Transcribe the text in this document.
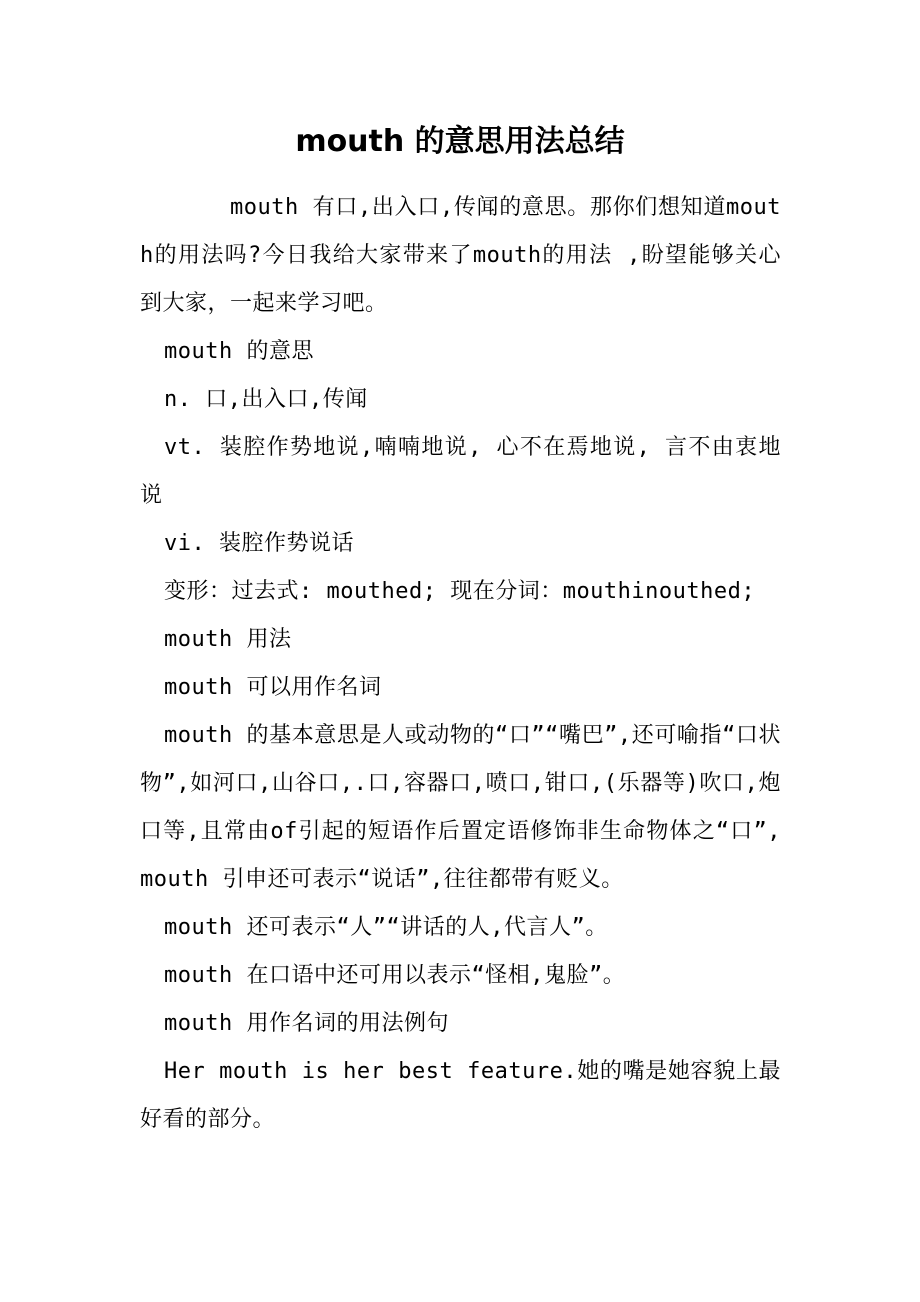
mouth 的意思用法总结

mouth 有口,出入口,传闻的意思。那你们想知道mouth的用法吗?今日我给大家带来了mouth的用法 ,盼望能够关心到大家，一起来学习吧。

mouth 的意思

n. 口,出入口,传闻

vt. 装腔作势地说,喃喃地说, 心不在焉地说, 言不由衷地说

vi. 装腔作势说话

变形：过去式: mouthed; 现在分词：mouthinouthed;

mouth 用法

mouth 可以用作名词

mouth 的基本意思是人或动物的“口”“嘴巴”,还可喻指“口状物”,如河口,山谷口,.口,容器口,喷口,钳口,(乐器等)吹口,炮口等,且常由of引起的短语作后置定语修饰非生命物体之“口”, mouth 引申还可表示“说话”,往往都带有贬义。

mouth 还可表示“人”“讲话的人,代言人”。

mouth 在口语中还可用以表示“怪相,鬼脸”。

mouth 用作名词的用法例句

Her mouth is her best feature.她的嘴是她容貌上最好看的部分。
